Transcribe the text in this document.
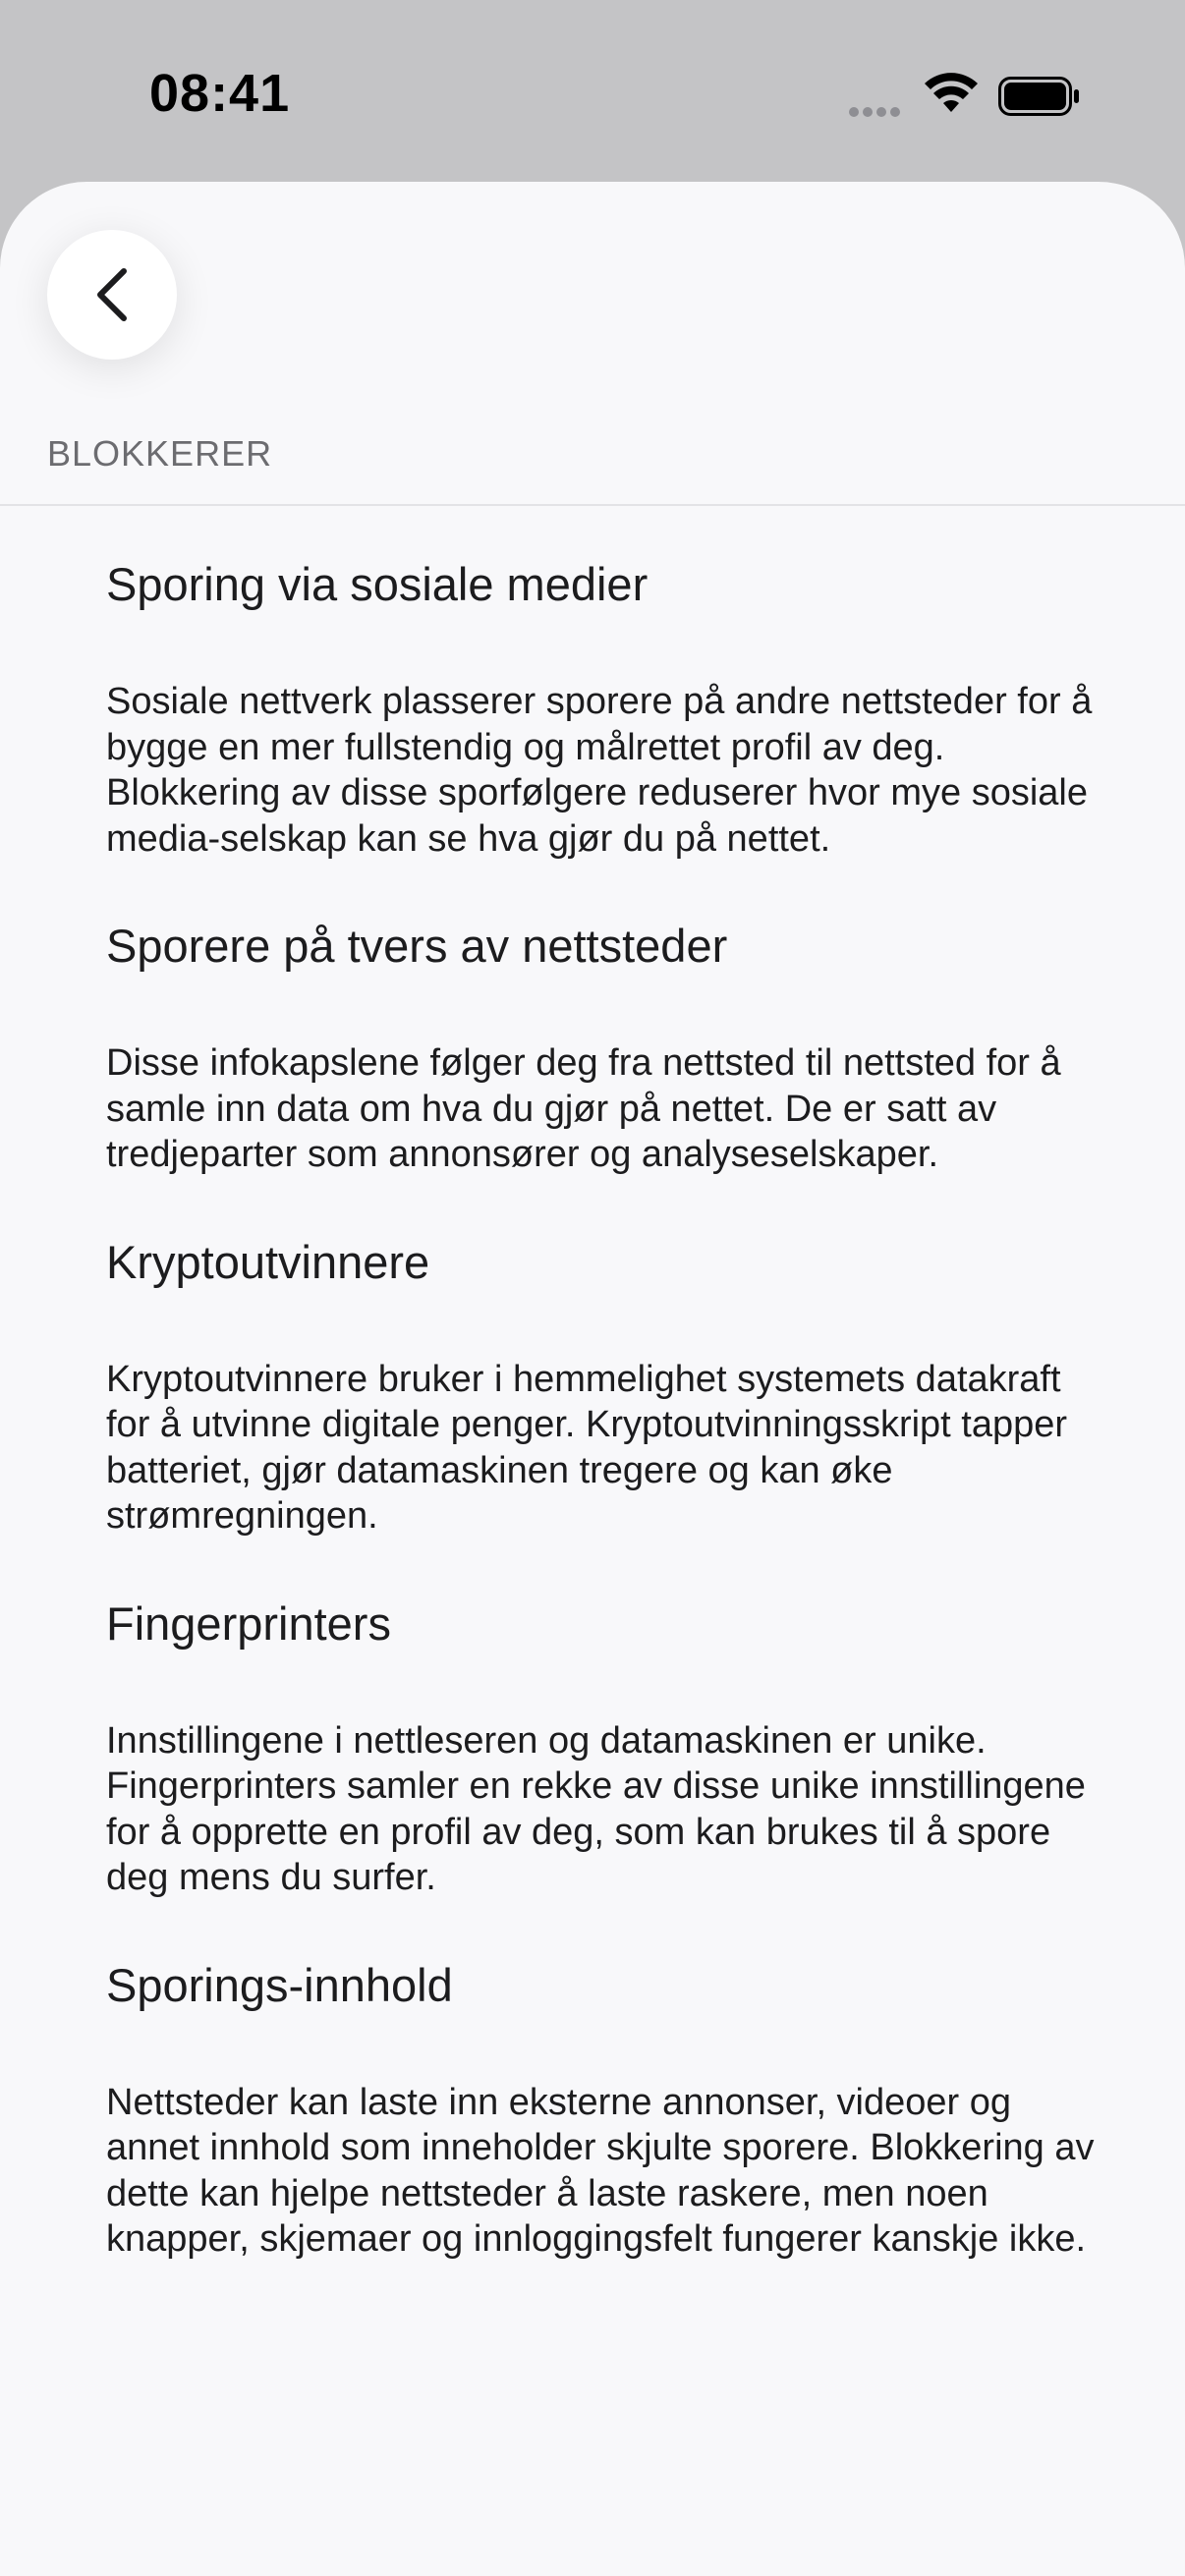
08:41
BLOKKERER
Sporing via sosiale medier
Sosiale nettverk plasserer sporere på andre nettsteder for å bygge en mer fullstendig og målrettet profil av deg. Blokkering av disse sporfølgere reduserer hvor mye sosiale media-selskap kan se hva gjør du på nettet.
Sporere på tvers av nettsteder
Disse infokapslene følger deg fra nettsted til nettsted for å samle inn data om hva du gjør på nettet. De er satt av tredjeparter som annonsører og analyseselskaper.
Kryptoutvinnere
Kryptoutvinnere bruker i hemmelighet systemets datakraft for å utvinne digitale penger. Kryptoutvinningsskript tapper batteriet, gjør datamaskinen tregere og kan øke strømregningen.
Fingerprinters
Innstillingene i nettleseren og datamaskinen er unike. Fingerprinters samler en rekke av disse unike innstillingene for å opprette en profil av deg, som kan brukes til å spore deg mens du surfer.
Sporings-innhold
Nettsteder kan laste inn eksterne annonser, videoer og annet innhold som inneholder skjulte sporere. Blokkering av dette kan hjelpe nettsteder å laste raskere, men noen knapper, skjemaer og innloggingsfelt fungerer kanskje ikke.
